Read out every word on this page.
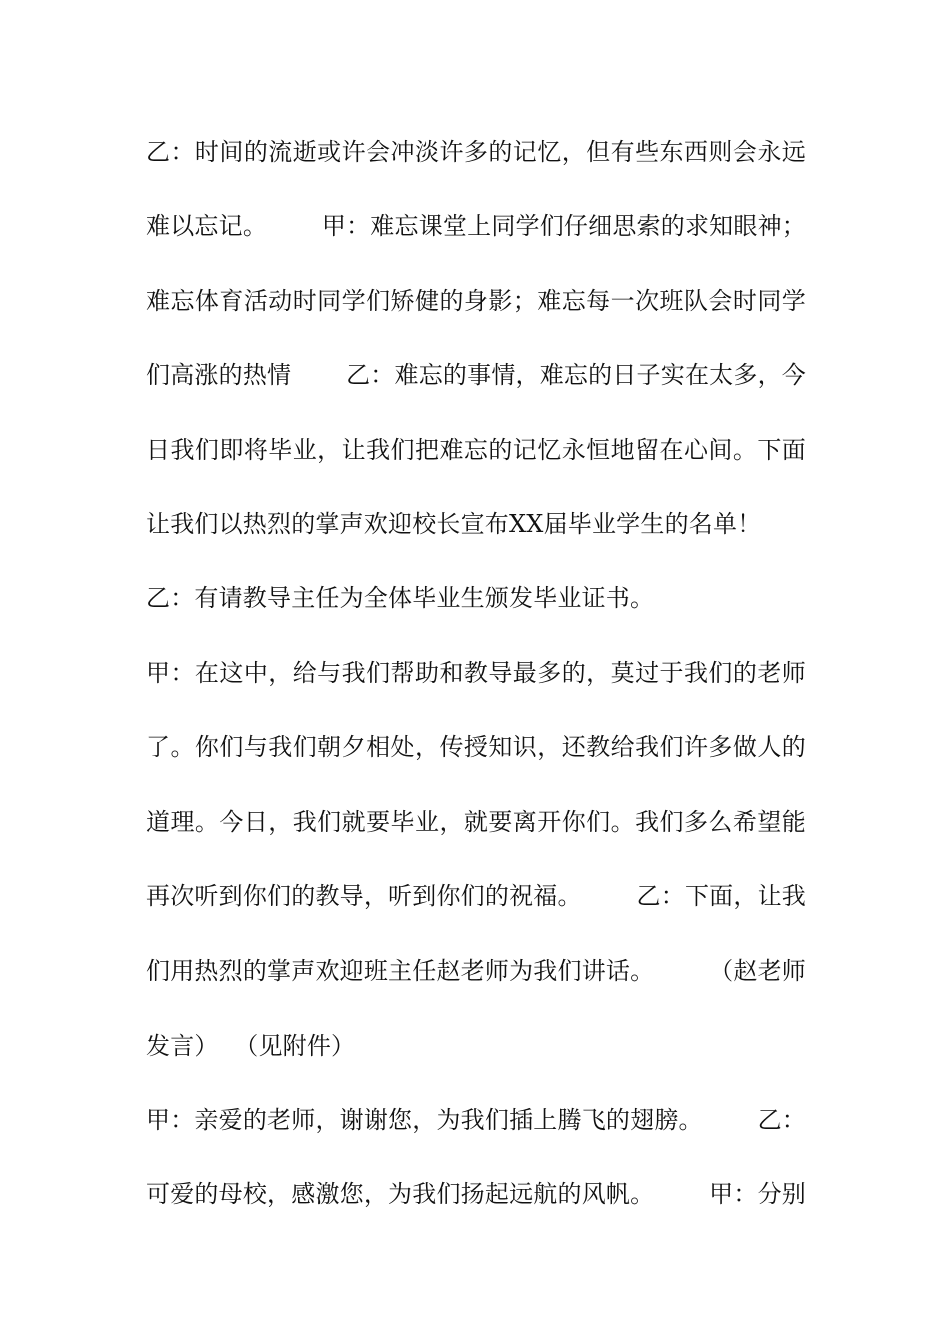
乙：时间的流逝或许会冲淡许多的记忆，但有些东西则会永远
难以忘记。       甲：难忘课堂上同学们仔细思索的求知眼神；
难忘体育活动时同学们矫健的身影；难忘每一次班队会时同学
们高涨的热情       乙：难忘的事情，难忘的日子实在太多，今
日我们即将毕业，让我们把难忘的记忆永恒地留在心间。下面
让我们以热烈的掌声欢迎校长宣布XX届毕业学生的名单！
乙：有请教导主任为全体毕业生颁发毕业证书。
甲：在这中，给与我们帮助和教导最多的，莫过于我们的老师
了。你们与我们朝夕相处，传授知识，还教给我们许多做人的
道理。今日，我们就要毕业，就要离开你们。我们多么希望能
再次听到你们的教导，听到你们的祝福。       乙：下面，让我
们用热烈的掌声欢迎班主任赵老师为我们讲话。       （赵老师
发言）  （见附件）
甲：亲爱的老师，谢谢您，为我们插上腾飞的翅膀。       乙：
可爱的母校，感激您，为我们扬起远航的风帆。       甲：分别
